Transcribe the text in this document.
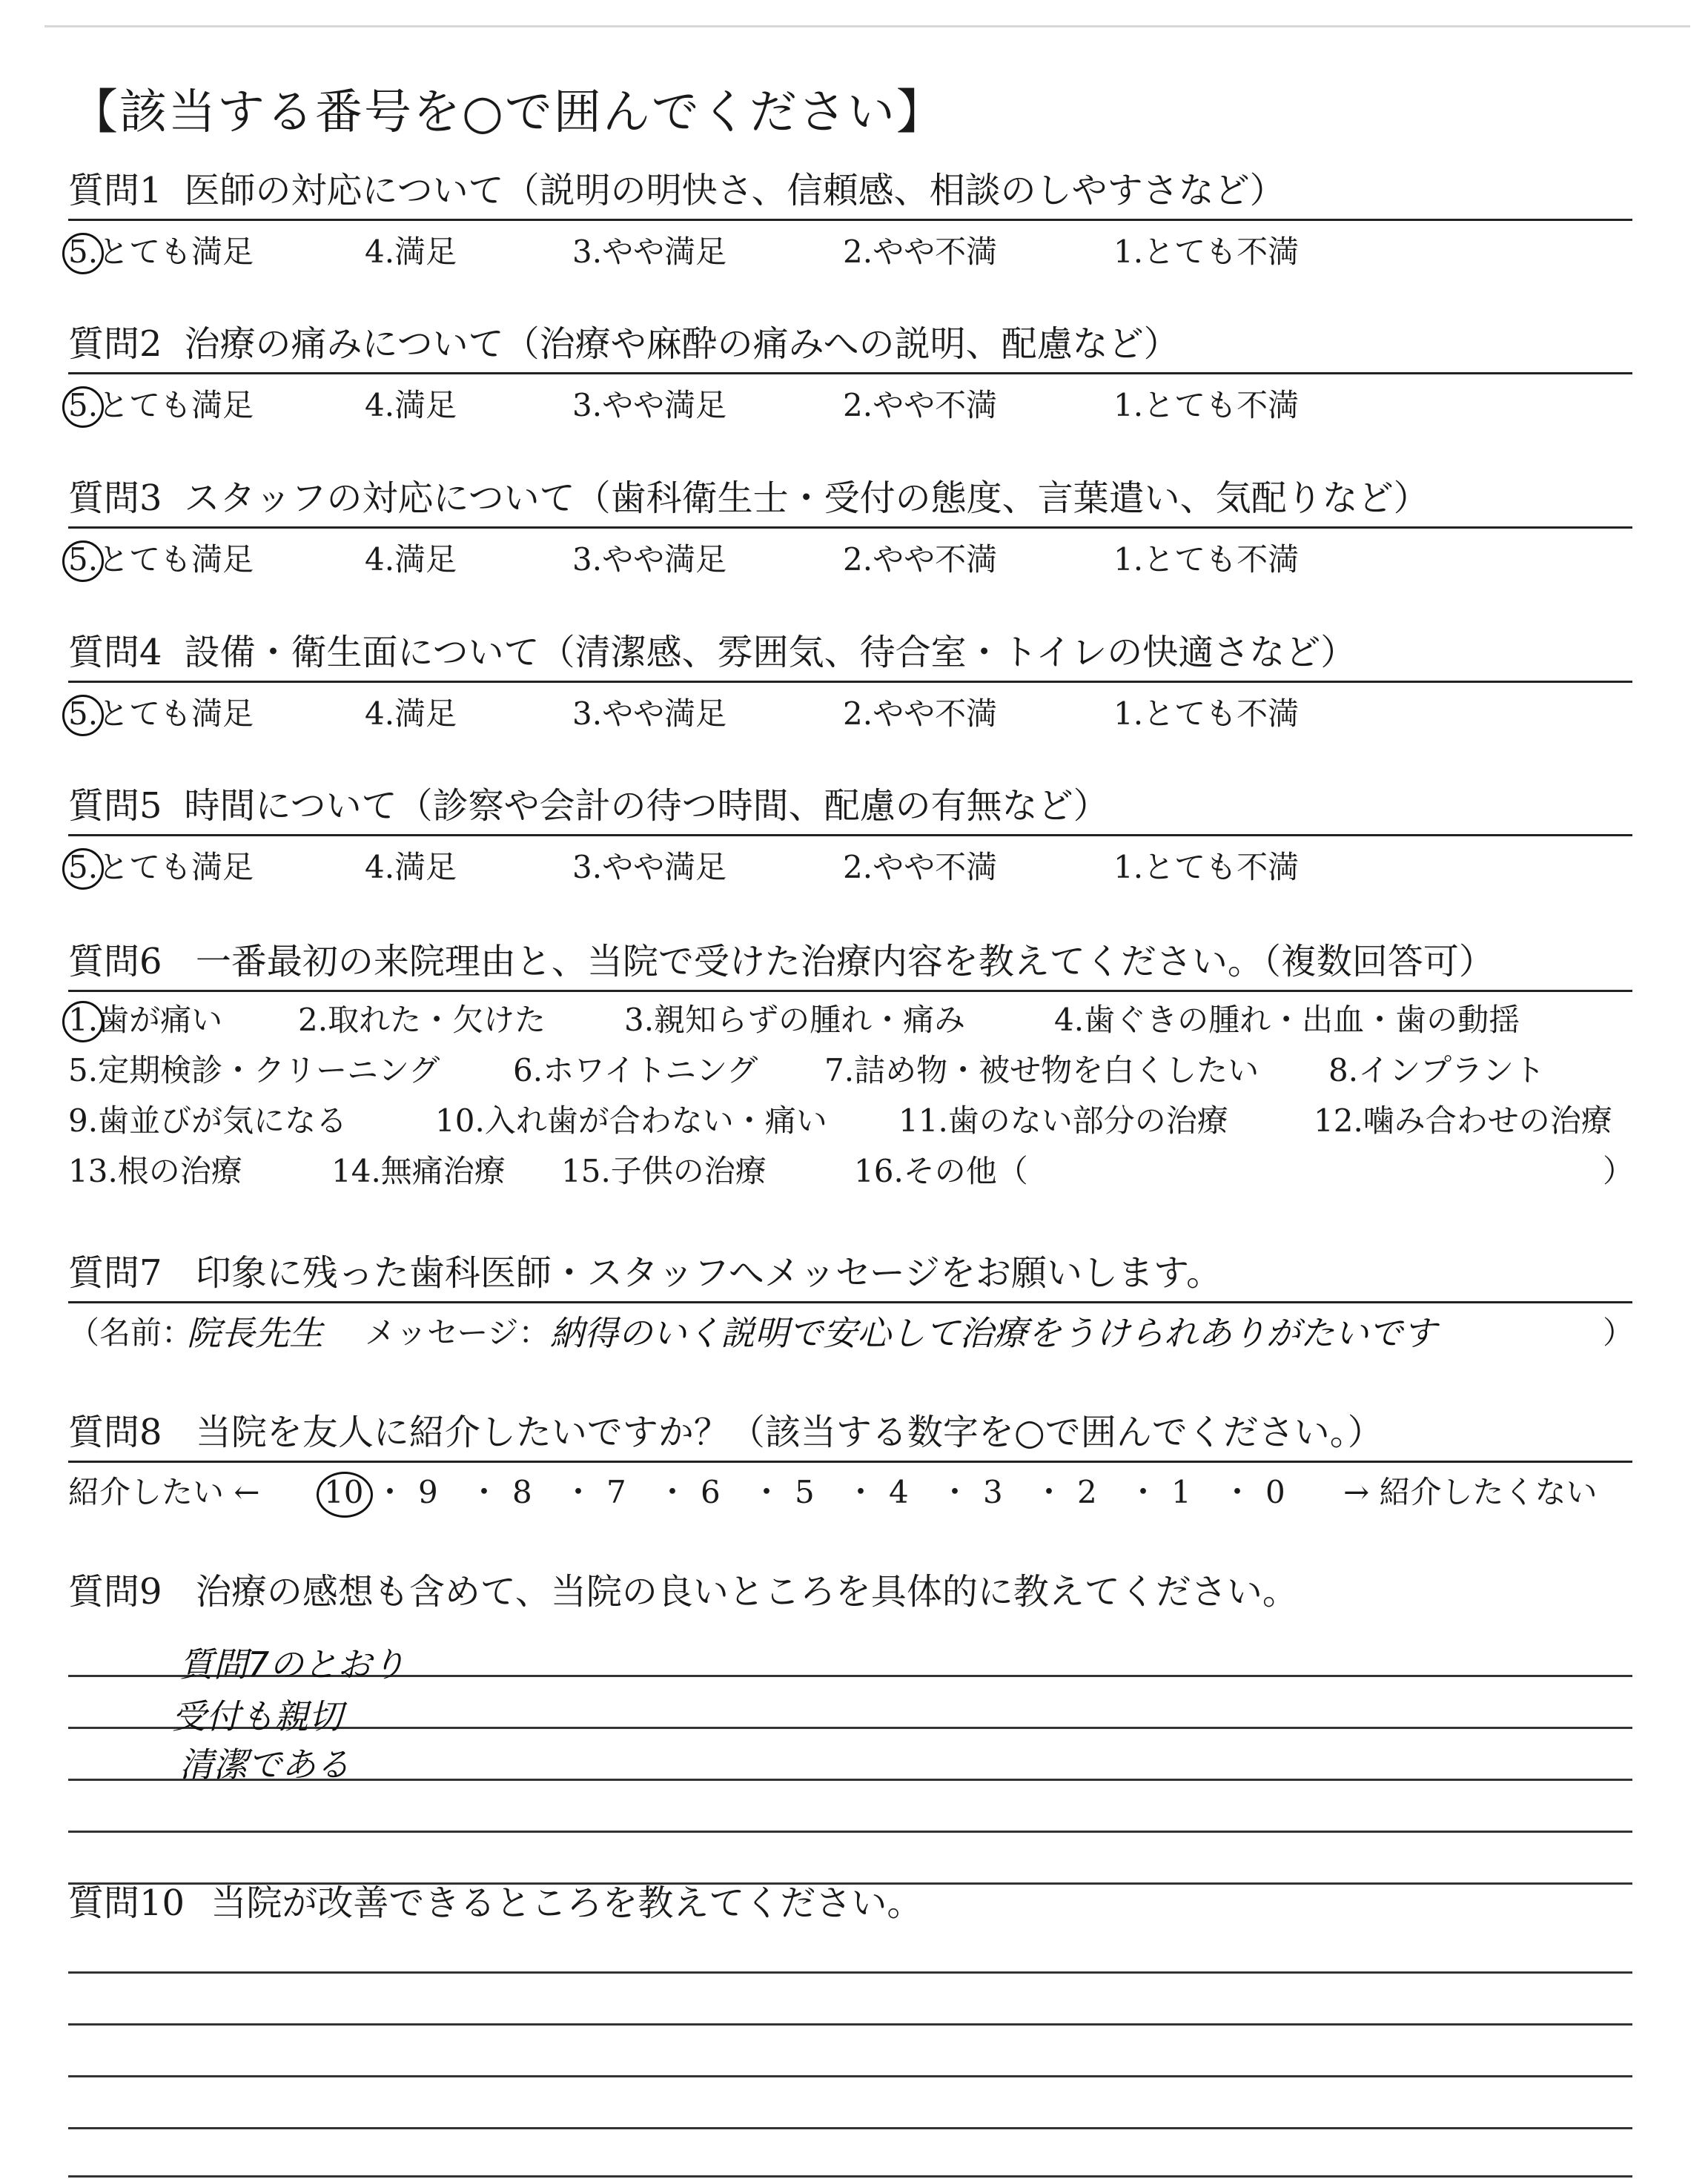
【該当する番号を○で囲んでください】
質問1 医師の対応について（説明の明快さ、信頼感、相談のしやすさなど）
5.とても満足	4.満足	3.やや満足	2.やや不満	1.とても不満
質問2 治療の痛みについて（治療や麻酔の痛みへの説明、配慮など）
5.とても満足	4.満足	3.やや満足	2.やや不満	1.とても不満
質問3 スタッフの対応について（歯科衛生士・受付の態度、言葉遣い、気配りなど）
5.とても満足	4.満足	3.やや満足	2.やや不満	1.とても不満
質問4 設備・衛生面について（清潔感、雰囲気、待合室・トイレの快適さなど）
5.とても満足	4.満足	3.やや満足	2.やや不満	1.とても不満
質問5 時間について（診察や会計の待つ時間、配慮の有無など）
5.とても満足	4.満足	3.やや満足	2.やや不満	1.とても不満
質問6 一番最初の来院理由と、当院で受けた治療内容を教えてください。（複数回答可）
1.歯が痛い 2.取れた・欠けた	3.親知らずの腫れ・痛み	4.歯ぐきの腫れ・出血・歯の動揺
5.定期検診・クリーニング 6.ホワイトニング 7.詰め物・被せ物を白くしたい 8.インプラント
9.歯並びが気になる	10.入れ歯が合わない・痛い 11.歯のない部分の治療	12.噛み合わせの治療
13.根の治療	14.無痛治療 15.子供の治療	16.その他（	）
質問7 印象に残った歯科医師・スタッフへメッセージをお願いします。
（名前：
院長先生 メッセージ： 納得のいく説明で安心して治療をうけられありがたいです	）
質問8 当院を友人に紹介したいですか？（該当する数字を○で囲んでください。）
紹介したい ←	→ 紹介したくない
10 ・ 9 ・ 8 ・ 7 ・ 6 ・ 5 ・ 4 ・ 3 ・ 2 ・ 1 ・ 0
質問9 治療の感想も含めて、当院の良いところを具体的に教えてください。
質問7のとおり
受付も親切
清潔である
質問10 当院が改善できるところを教えてください。
